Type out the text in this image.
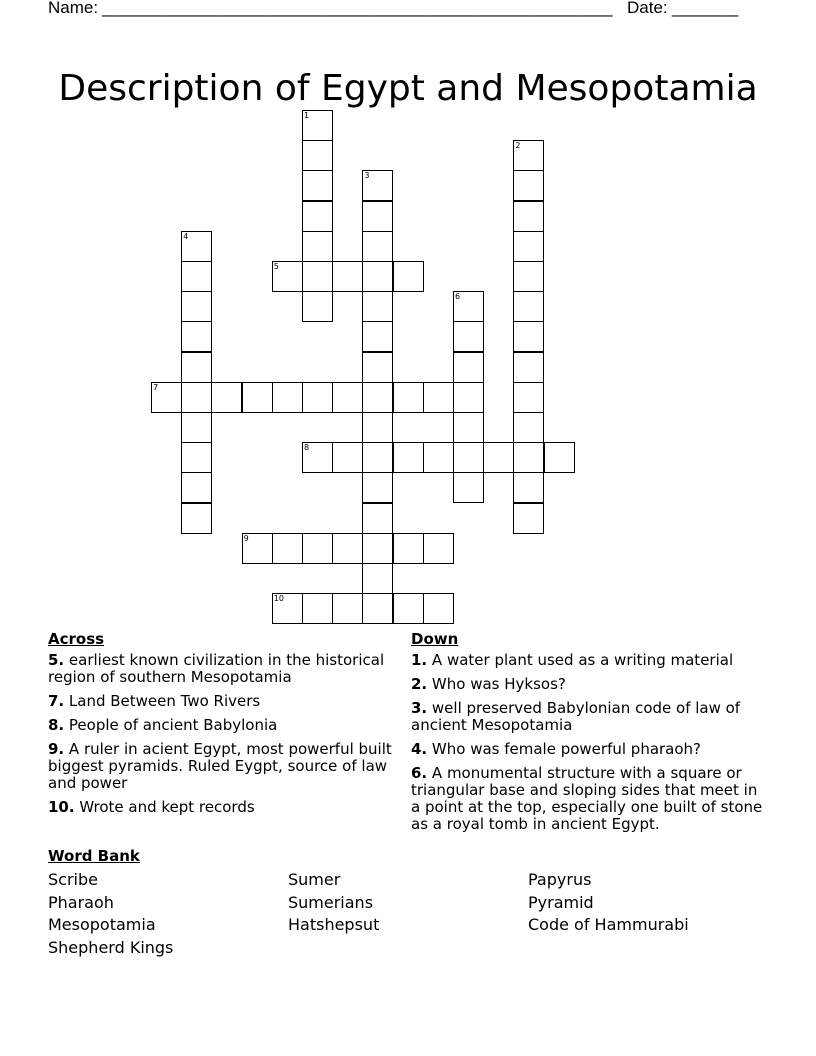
Name: ______________________________________________________ Date: _______
Description of Egypt and Mesopotamia
1
2
3
4
5
6
7
8
9
10
Across
5. earliest known civilization in the historical region of southern Mesopotamia
7. Land Between Two Rivers
8. People of ancient Babylonia
9. A ruler in acient Egypt, most powerful built biggest pyramids. Ruled Eygpt, source of law and power
10. Wrote and kept records
Down
1. A water plant used as a writing material
2. Who was Hyksos?
3. well preserved Babylonian code of law of ancient Mesopotamia
4. Who was female powerful pharaoh?
6. A monumental structure with a square or triangular base and sloping sides that meet in a point at the top, especially one built of stone as a royal tomb in ancient Egypt.
Word Bank
Scribe
Pharaoh
Mesopotamia
Shepherd Kings
Sumer
Sumerians
Hatshepsut
Papyrus
Pyramid
Code of Hammurabi
